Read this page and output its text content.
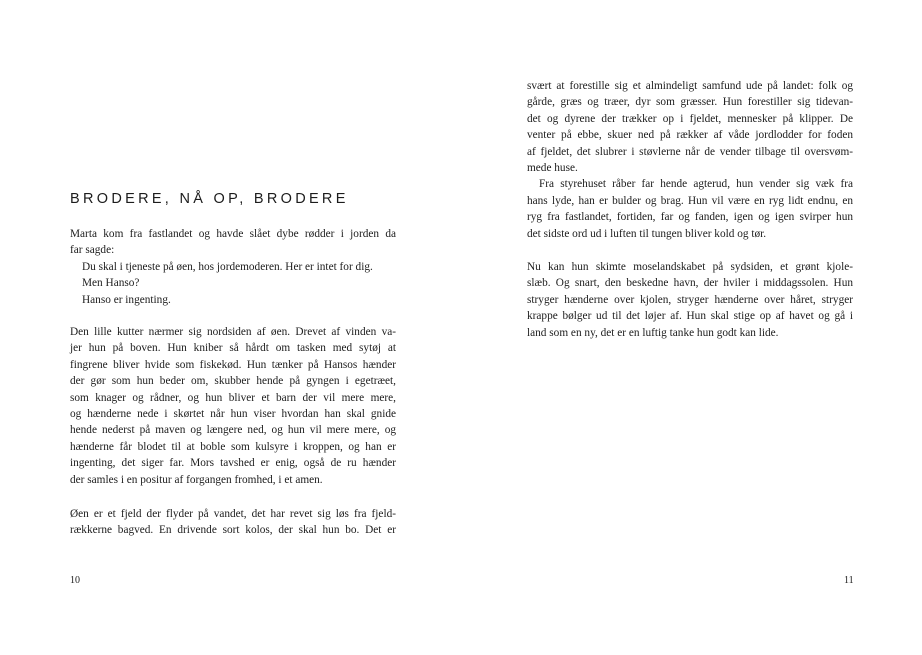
BRODERE, NÅ OP, BRODERE
Marta kom fra fastlandet og havde slået dybe rødder i jorden da
far sagde:
Du skal i tjeneste på øen, hos jordemoderen. Her er intet for dig.
Men Hanso?
Hanso er ingenting.
Den lille kutter nærmer sig nordsiden af øen. Drevet af vinden va-
jer hun på boven. Hun kniber så hårdt om tasken med sytøj at
fingrene bliver hvide som fiskekød. Hun tænker på Hansos hænder
der gør som hun beder om, skubber hende på gyngen i egetræet,
som knager og rådner, og hun bliver et barn der vil mere mere,
og hænderne nede i skørtet når hun viser hvordan han skal gnide
hende nederst på maven og længere ned, og hun vil mere mere, og
hænderne får blodet til at boble som kulsyre i kroppen, og han er
ingenting, det siger far. Mors tavshed er enig, også de ru hænder
der samles i en positur af forgangen fromhed, i et amen.
Øen er et fjeld der flyder på vandet, det har revet sig løs fra fjeld-
rækkerne bagved. En drivende sort kolos, der skal hun bo. Det er
10
svært at forestille sig et almindeligt samfund ude på landet: folk og
gårde, græs og træer, dyr som græsser. Hun forestiller sig tidevan-
det og dyrene der trækker op i fjeldet, mennesker på klipper. De
venter på ebbe, skuer ned på rækker af våde jordlodder for foden
af fjeldet, det slubrer i støvlerne når de vender tilbage til oversvøm-
mede huse.
Fra styrehuset råber far hende agterud, hun vender sig væk fra
hans lyde, han er bulder og brag. Hun vil være en ryg lidt endnu, en
ryg fra fastlandet, fortiden, far og fanden, igen og igen svirper hun
det sidste ord ud i luften til tungen bliver kold og tør.
Nu kan hun skimte moselandskabet på sydsiden, et grønt kjole-
slæb. Og snart, den beskedne havn, der hviler i middagssolen. Hun
stryger hænderne over kjolen, stryger hænderne over håret, stryger
krappe bølger ud til det løjer af. Hun skal stige op af havet og gå i
land som en ny, det er en luftig tanke hun godt kan lide.
11
